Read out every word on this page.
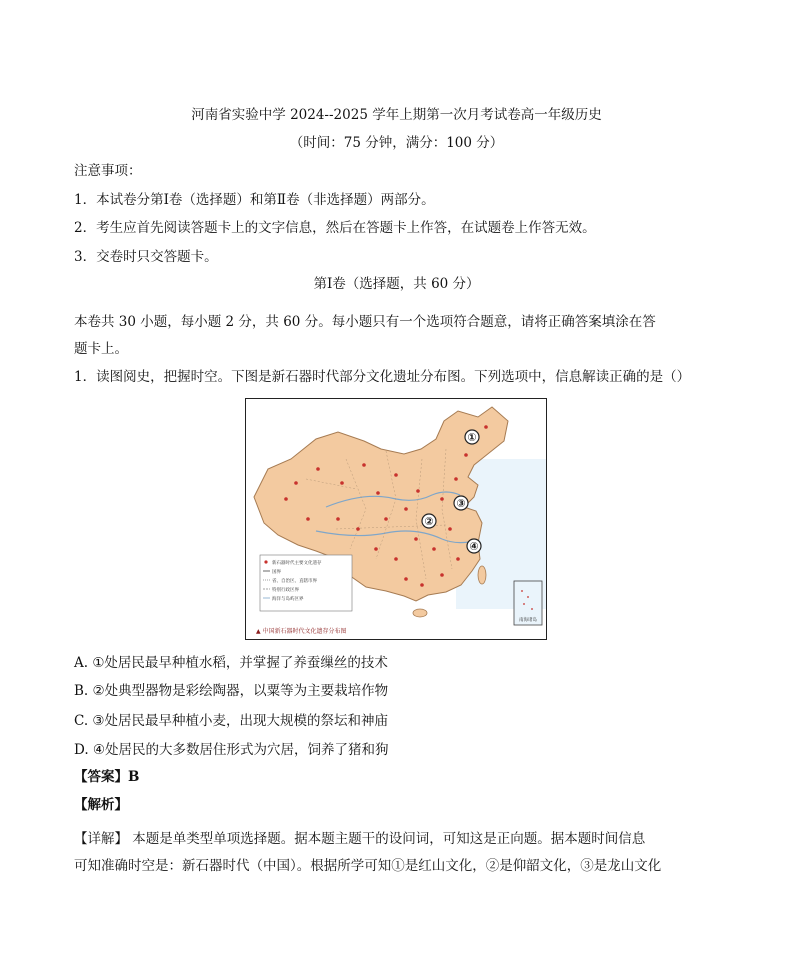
河南省实验中学 2024--2025 学年上期第一次月考试卷高一年级历史
（时间：75 分钟，满分：100 分）
注意事项：
1．本试卷分第Ⅰ卷（选择题）和第Ⅱ卷（非选择题）两部分。
2．考生应首先阅读答题卡上的文字信息，然后在答题卡上作答，在试题卷上作答无效。
3．交卷时只交答题卡。
第Ⅰ卷（选择题，共 60 分）
本卷共 30 小题，每小题 2 分，共 60 分。每小题只有一个选项符合题意，请将正确答案填涂在答
题卡上。
1．读图阅史，把握时空。下图是新石器时代部分文化遗址分布图。下列选项中，信息解读正确的是（）
①
③
②
④
新石器时代主要文化遗存
国界
省、自治区、直辖市界
特别行政区界
海洋与岛屿区界
南海诸岛
▲ 中国新石器时代文化遗存分布图
A. ①处居民最早种植水稻，并掌握了养蚕缫丝的技术
B. ②处典型器物是彩绘陶器，以粟等为主要栽培作物
C. ③处居民最早种植小麦，出现大规模的祭坛和神庙
D. ④处居民的大多数居住形式为穴居，饲养了猪和狗
【答案】B
【解析】
【详解】 本题是单类型单项选择题。据本题主题干的设问词，可知这是正向题。据本题时间信息
可知准确时空是：新石器时代（中国）。根据所学可知①是红山文化，②是仰韶文化，③是龙山文化
